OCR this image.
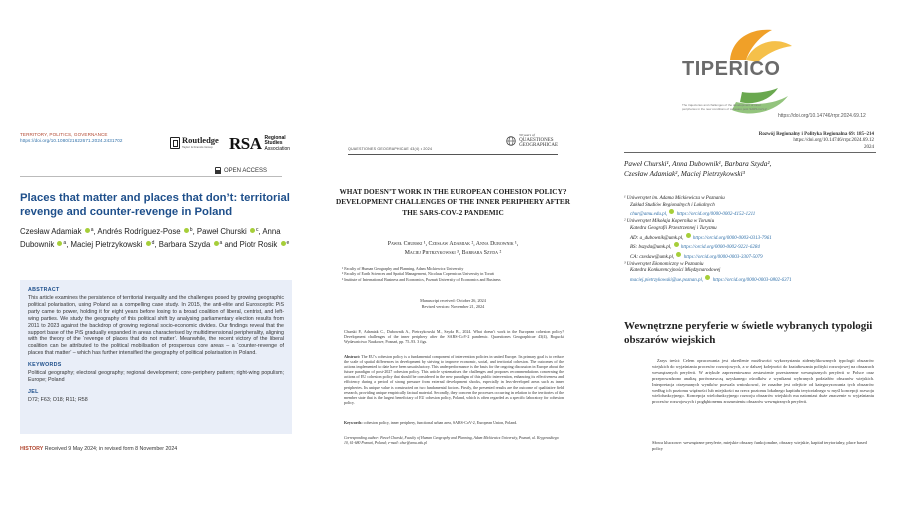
TERRITORY, POLITICS, GOVERNANCE
https://doi.org/10.1080/21622671.2024.2431702	Routledge
Taylor & Francis Group RSA Regional Studies
Association
OPEN ACCESS
Places that matter and places that don’t: territorial revenge and counter-revenge in Poland
Czesław Adamiak $^a$, Andrés Rodríguez-Pose $^b$, Paweł Churski $^c$, Anna Dubownik $^a$, Maciej Pietrzykowski $^d$, Barbara Szyda $^a$ and Piotr Rosik $^e$
ABSTRACT
This article examines the persistence of territorial inequality and the challenges posed by growing geographic political polarisation, using Poland as a compelling case study. In 2015, the anti-elite and Eurosceptic PiS party came to power, holding it for eight years before losing to a broad coalition of liberal, centrist, and left-wing parties. We study the geography of this political shift by analysing parliamentary election results from 2011 to 2023 against the backdrop of growing regional socio-economic divides. Our findings reveal that the support base of the PiS gradually expanded in areas characterised by multidimensional peripherality, aligning with the theory of the ‘revenge of places that do not matter’. Meanwhile, the recent victory of the liberal coalition can be attributed to the political mobilisation of prosperous core areas – a ‘counter-revenge of places that matter’ – which has further intensified the geography of political polarisation in Poland.
KEYWORDS
Political geography; electoral geography; regional development; core-periphery pattern; right-wing populism; Europe; Poland
JEL
D72; F63; O18; R11; R58
HISTORY Received 9 May 2024; in revised form 8 November 2024
QUAESTIONES GEOGRAPHICAE 43(4) • 2024
50 years of
QUAESTIONES
GEOGRAPHICAE
WHAT DOESN’T WORK IN THE EUROPEAN COHESION POLICY? DEVELOPMENT CHALLENGES OF THE INNER PERIPHERY AFTER THE SARS-COV-2 PANDEMIC
Paweł Churski ¹, Czesław Adamiak ², Anna Dubownik ¹,
Maciej Pietrzykowski ³, Barbara Szyda ²
¹ Faculty of Human Geography and Planning, Adam Mickiewicz University
² Faculty of Earth Sciences and Spatial Management, Nicolaus Copernicus University in Toruń
³ Institute of International Business and Economics, Poznań University of Economics and Business
Manuscript received: October 26, 2024
Revised version: November 21, 2024
Churski P., Adamiak C., Dubownik A., Pietrzykowski M., Szyda B., 2024. What doesn’t work in the European cohesion policy? Development challenges of the inner periphery after the SARS-CoV-2 pandemic. Quaestiones Geographicae 43(4), Bogucki Wydawnictwo Naukowe, Poznań, pp. 75–93. 3 figs.
Abstract: The EU’s cohesion policy is a fundamental component of intervention policies in united Europe. Its primary goal is to reduce the scale of spatial differences in development by striving to improve economic, social, and territorial cohesion. The outcomes of the actions implemented to date have been unsatisfactory. This underperformance is the basis for the ongoing discussion in Europe about the future paradigm of post-2027 cohesion policy. This article systematises the challenges and proposes recommendations concerning the actions of EU cohesion policy that should be considered in the new paradigm of this public intervention, enhancing its effectiveness and efficiency during a period of strong pressure from external development shocks, especially in less-developed areas such as inner peripheries. Its unique value is constructed on two fundamental factors. Firstly, the presented results are the outcome of qualitative field research, providing unique empirically factual material. Secondly, they concern the processes occurring in relation to the territories of the member state that is the largest beneficiary of EU cohesion policy, Poland, which is often regarded as a specific laboratory for cohesion policy.
Keywords: cohesion policy, inner periphery, functional urban area, SARS-CoV-2, European Union, Poland.
Corresponding author: Paweł Churski, Faculty of Human Geography and Planning, Adam Mickiewicz University, Poznań, ul. Krygowskiego 10, 61-680 Poznań, Poland; e-mail: chur@amu.edu.pl
TIPERICO
The trajectories and challenges of the development of inner peripheries in the new conditions of cohesion post SARS-CoV-2
https://doi.org/10.14746/rrpr.2024.69.12
Rozwój Regionalny i Polityka Regionalna 69: 185–214
https://doi.org/10.14746/rrpr.2024.69.12
2024
Paweł Churski¹, Anna Dubownik¹, Barbara Szyda²,
Czesław Adamiak², Maciej Pietrzykowski³
¹ Uniwersytet im. Adama Mickiewicza w Poznaniu
Zakład Studiów Regionalnych i Lokalnych
chur@amu.edu.pl, https://orcid.org/0000-0002-4152-1211
² Uniwersytet Mikołaja Kopernika w Toruniu
Katedra Geografii Przestrzennej i Turyzmu
AD: a_dubownik@umk.pl, https://orcid.org/0000-0003-0313-7961
BS: bszyda@umk.pl, https://orcid.org/0000-0002-9221-6284
CA: czeslaw@umk.pl, https://orcid.org/0000-0003-3307-5079
³ Uniwersytet Ekonomiczny w Poznaniu
Katedra Konkurencyjności Międzynarodowej
maciej.pietrzykowski@ue.poznan.pl, https://orcid.org/0000-0003-0802-6371
Wewnętrzne peryferie w świetle wybranych typologii obszarów wiejskich
Zarys treści: Celem opracowania jest określenie możliwości wykorzystania zidentyfikowanych typologii obszarów wiejskich do wyjaśniania procesów rozwojowych, a w dalszej kolejności do kształtowania polityki rozwojowej na obszarach wewnętrznych peryferii. W artykule zaprezentowano zestawienie przestrzenne wewnętrznych peryferii w Polsce oraz przeprowadzono analizę porównawczą uzyskanego ośrodków z wynikami wybranych podziałów obszarów wiejskich. Interpretacja otrzymanych wyników pozwala wnioskować, że zasadne jest odejście od kategoryzowania tych obszarów według ich poziomu więźności lub miejskości na rzecz poziomu lokalnego kapitału terytorialnego w myśl koncepcji rozwoju wielofunkcyjnego. Koncepcja wielofunkcyjnego rozwoju obszarów wiejskich ma natomiast duże znaczenie w wyjaśnianiu procesów rozwojowych i pogłębionemu zrozumieniu obszarów wewnętrznych peryferii.
Słowa kluczowe: wewnętrzne peryferie, miejskie obszary funkcjonalne, obszary wiejskie, kapitał terytorialny, place based policy
